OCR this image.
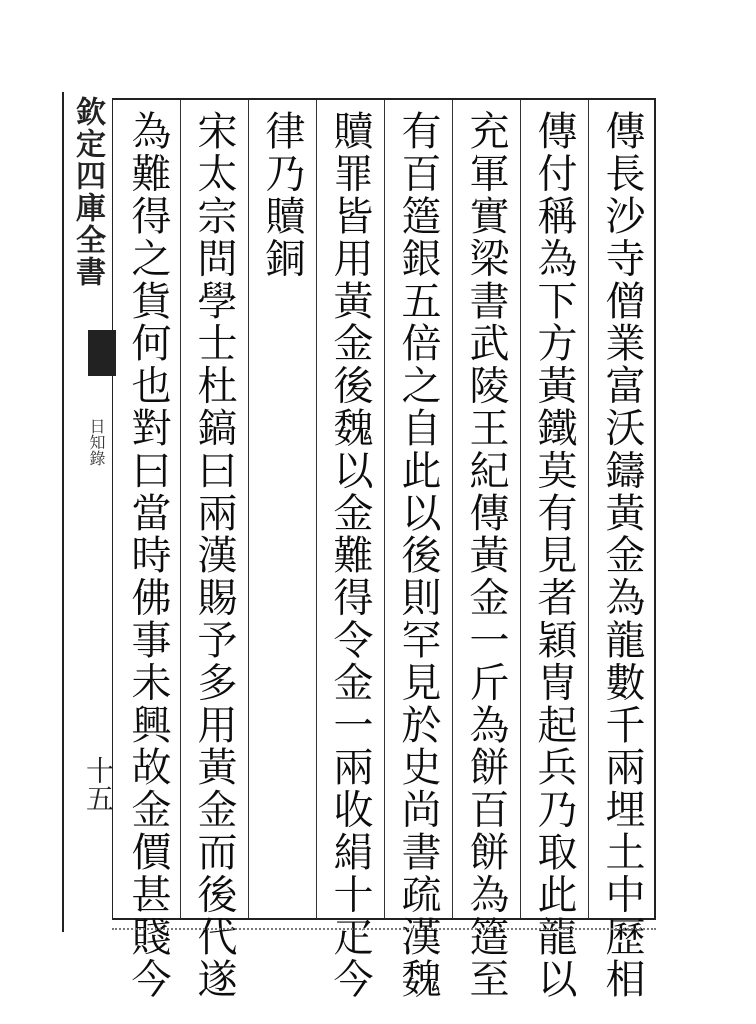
欽定四庫全書
日知錄
十五	傳長沙寺僧業富沃鑄黃金為龍數千兩埋土中歷相
傳付稱為下方黃鐵莫有見者穎冑起兵乃取此龍以
充軍實梁書武陵王紀傳黃金一斤為餅百餅為簉至
有百簉銀五倍之自此以後則罕見於史尚書疏漢魏
贖罪皆用黃金後魏以金難得令金一兩收絹十疋今
律乃贖銅
宋太宗問學士杜鎬曰兩漢賜予多用黃金而後代遂
為難得之貨何也對曰當時佛事未興故金價甚賤今
